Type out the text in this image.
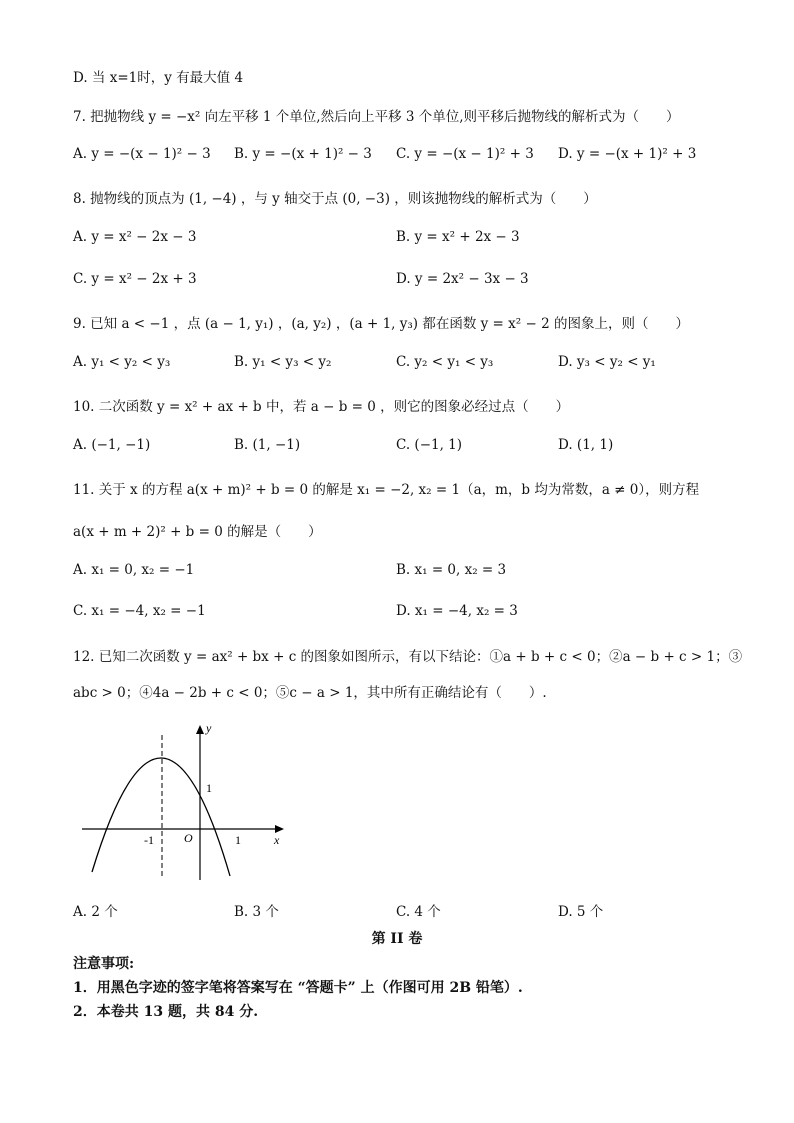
D. 当 x=1时，y 有最大值 4
7. 把抛物线 y = −x² 向左平移 1 个单位,然后向上平移 3 个单位,则平移后抛物线的解析式为（　　）
A. y = −(x − 1)² − 3 B. y = −(x + 1)² − 3 C. y = −(x − 1)² + 3 D. y = −(x + 1)² + 3
8. 抛物线的顶点为 (1, −4) ，与 y 轴交于点 (0, −3) ，则该抛物线的解析式为（　　）
A. y = x² − 2x − 3	B. y = x² + 2x − 3
C. y = x² − 2x + 3	D. y = 2x² − 3x − 3
9. 已知 a < −1 ，点 (a − 1, y₁) ，(a, y₂) ，(a + 1, y₃) 都在函数 y = x² − 2 的图象上，则（　　）
A. y₁ < y₂ < y₃	B. y₁ < y₃ < y₂	C. y₂ < y₁ < y₃	D. y₃ < y₂ < y₁
10. 二次函数 y = x² + ax + b 中，若 a − b = 0 ，则它的图象必经过点（　　）
A. (−1, −1)	B. (1, −1)	C. (−1, 1)	D. (1, 1)
11. 关于 x 的方程 a(x + m)² + b = 0 的解是 x₁ = −2, x₂ = 1（a，m，b 均为常数，a ≠ 0），则方程
a(x + m + 2)² + b = 0 的解是（　　）
A. x₁ = 0, x₂ = −1	B. x₁ = 0, x₂ = 3
C. x₁ = −4, x₂ = −1	D. x₁ = −4, x₂ = 3
12. 已知二次函数 y = ax² + bx + c 的图象如图所示，有以下结论：①a + b + c < 0；②a − b + c > 1；③
abc > 0；④4a − 2b + c < 0；⑤c − a > 1，其中所有正确结论有（　　）.
y
1
-1	O	1	x
A. 2 个	B. 3 个	C. 4 个	D. 5 个
第 II 卷
注意事项:
1．用黑色字迹的签字笔将答案写在 “答题卡” 上（作图可用 2B 铅笔）.
2．本卷共 13 题，共 84 分.
